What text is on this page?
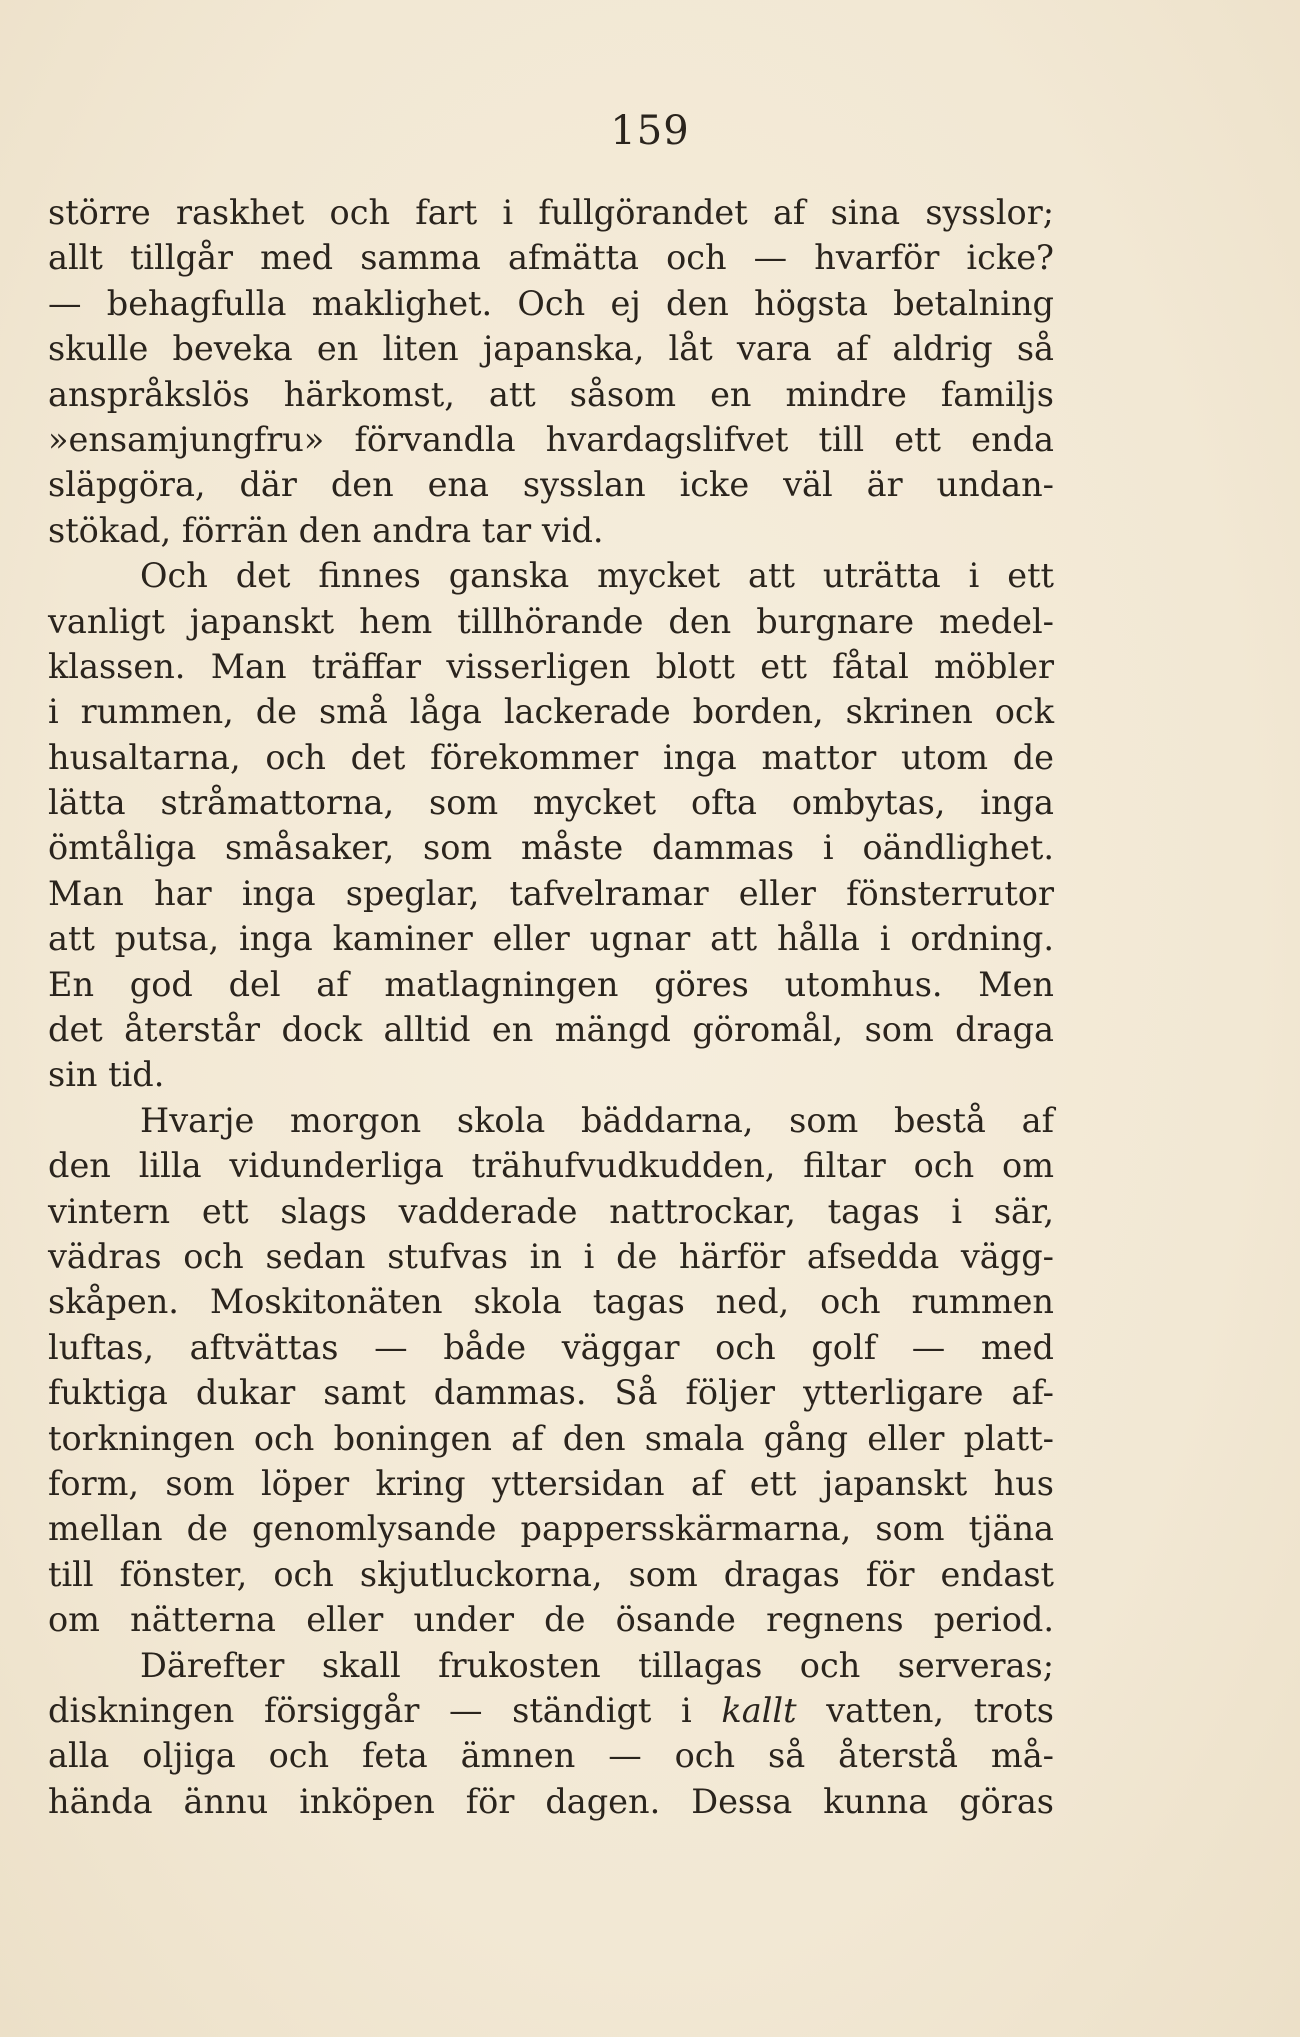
159
större raskhet och fart i fullgörandet af sina sysslor;
allt tillgår med samma afmätta och — hvarför icke?
— behagfulla maklighet. Och ej den högsta betalning
skulle beveka en liten japanska, låt vara af aldrig så
anspråkslös härkomst, att såsom en mindre familjs
»ensamjungfru» förvandla hvardagslifvet till ett enda
släpgöra, där den ena sysslan icke väl är undan-
stökad, förrän den andra tar vid.
Och det finnes ganska mycket att uträtta i ett
vanligt japanskt hem tillhörande den burgnare medel-
klassen. Man träffar visserligen blott ett fåtal möbler
i rummen, de små låga lackerade borden, skrinen ock
husaltarna, och det förekommer inga mattor utom de
lätta stråmattorna, som mycket ofta ombytas, inga
ömtåliga småsaker, som måste dammas i oändlighet.
Man har inga speglar, tafvelramar eller fönsterrutor
att putsa, inga kaminer eller ugnar att hålla i ordning.
En god del af matlagningen göres utomhus. Men
det återstår dock alltid en mängd göromål, som draga
sin tid.
Hvarje morgon skola bäddarna, som bestå af
den lilla vidunderliga trähufvudkudden, filtar och om
vintern ett slags vadderade nattrockar, tagas i sär,
vädras och sedan stufvas in i de härför afsedda vägg-
skåpen. Moskitonäten skola tagas ned, och rummen
luftas, aftvättas — både väggar och golf — med
fuktiga dukar samt dammas. Så följer ytterligare af-
torkningen och boningen af den smala gång eller platt-
form, som löper kring yttersidan af ett japanskt hus
mellan de genomlysande pappersskärmarna, som tjäna
till fönster, och skjutluckorna, som dragas för endast
om nätterna eller under de ösande regnens period.
Därefter skall frukosten tillagas och serveras;
diskningen försiggår — ständigt i kallt vatten, trots
alla oljiga och feta ämnen — och så återstå må-
hända ännu inköpen för dagen. Dessa kunna göras
